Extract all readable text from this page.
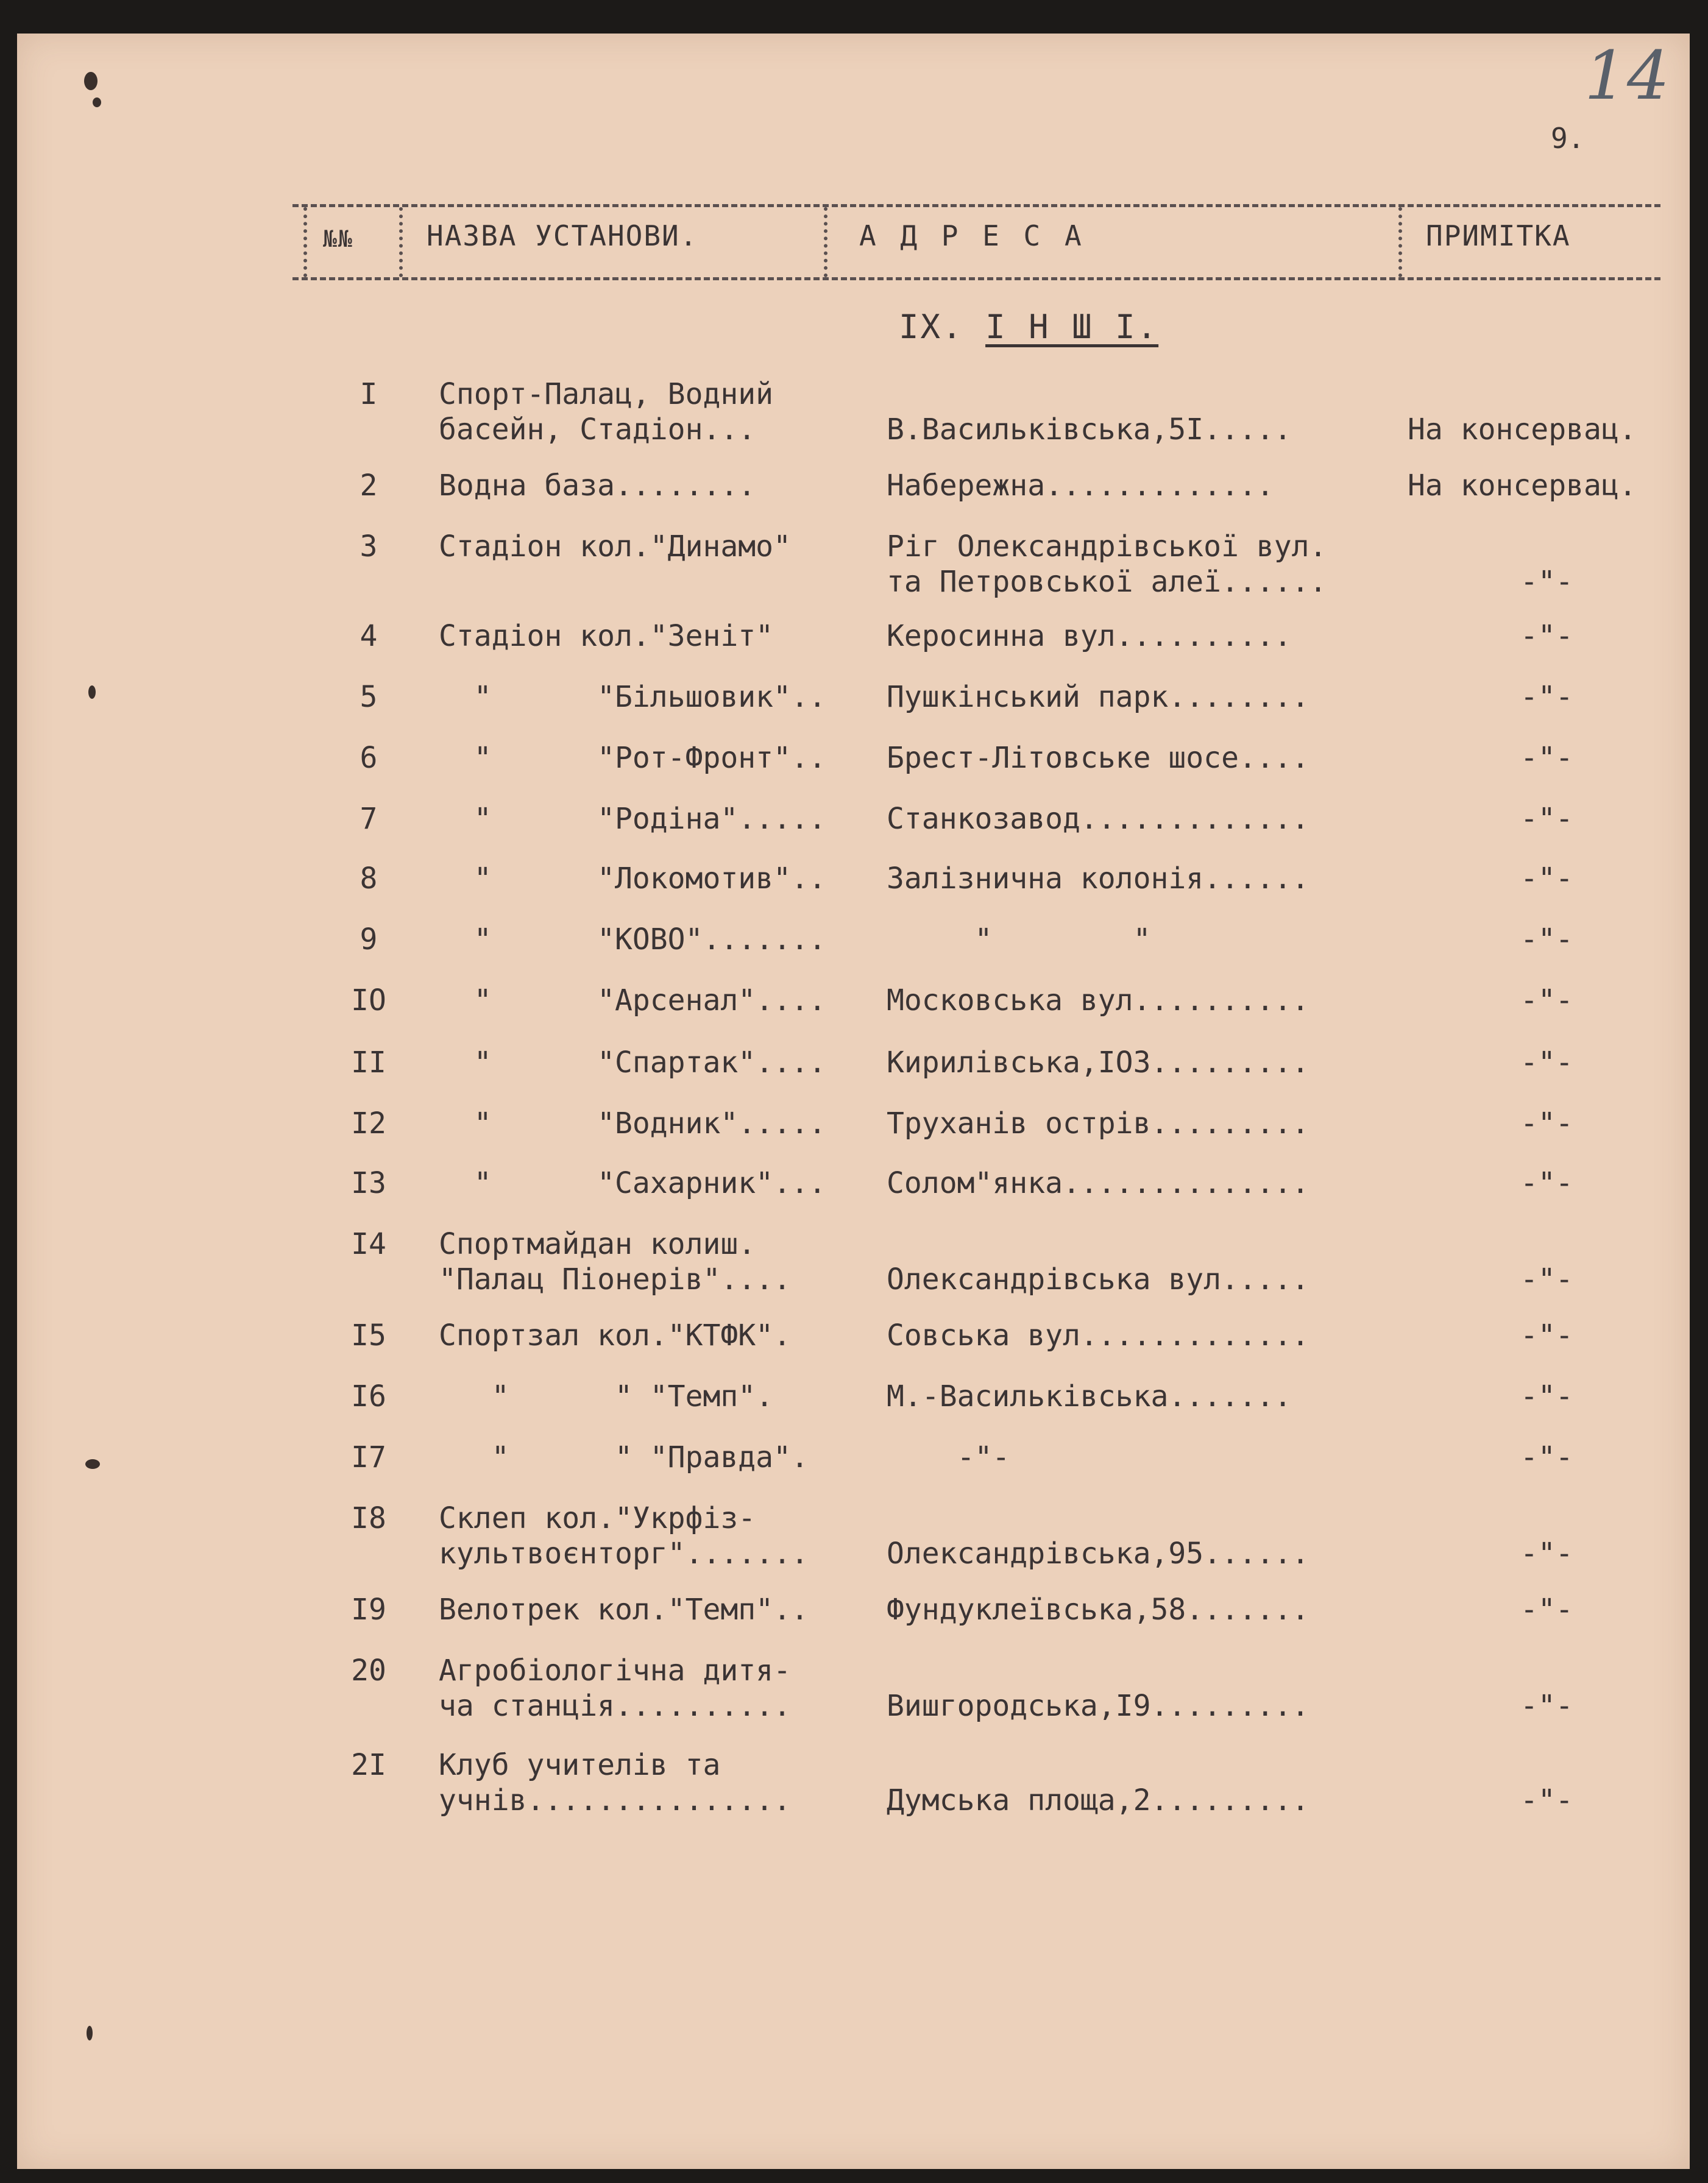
14
9.
№№	НАЗВА УСТАНОВИ.	А Д Р Е С А	ПРИМІТКА
IX. І Н Ш І.
I	Спорт-Палац, Водний
басейн, Стадіон...	В.Васильківська,5I.....	На консервац.
2	Водна база........	Набережна.............	На консервац.
3	Стадіон кол."Динамо"	Ріг Олександрівської вул.
та Петровської алеї......	-"-
4	Стадіон кол."Зеніт"	Керосинна вул..........	-"-
5	"      "Більшовик".. Пушкінський парк........	-"-
6	"      "Рот-Фронт".. Брест-Літовське шосе....	-"-
7	"      "Родіна"..... Станкозавод.............	-"-
8	"      "Локомотив".. Залізнична колонія......	-"-
9	"      "КОВО"....... "        "	-"-
IO "      "Арсенал".... Московська вул..........	-"-
II "      "Спартак".... Кирилівська,IO3.........	-"-
I2 "      "Водник"..... Труханів острів.........	-"-
I3 "      "Сахарник"... Солом"янка..............	-"-
I4 Спортмайдан колиш.
"Палац Піонерів"....	Олександрівська вул.....	-"-
I5 Спортзал кол."КТФК".	Совська вул.............	-"-
I6 "      " "Темп".	М.-Васильківська.......	-"-
I7 "      " "Правда".	-"-	-"-
I8 Склеп кол."Укрфіз-
культвоєнторг".......	Олександрівська,95......	-"-
I9 Велотрек кол."Темп"..	Фундуклеївська,58.......	-"-
20 Агробіологічна дитя-
ча станція..........	Вишгородська,I9.........	-"-
2I Клуб учителів та
учнів...............	Думська площа,2.........	-"-
